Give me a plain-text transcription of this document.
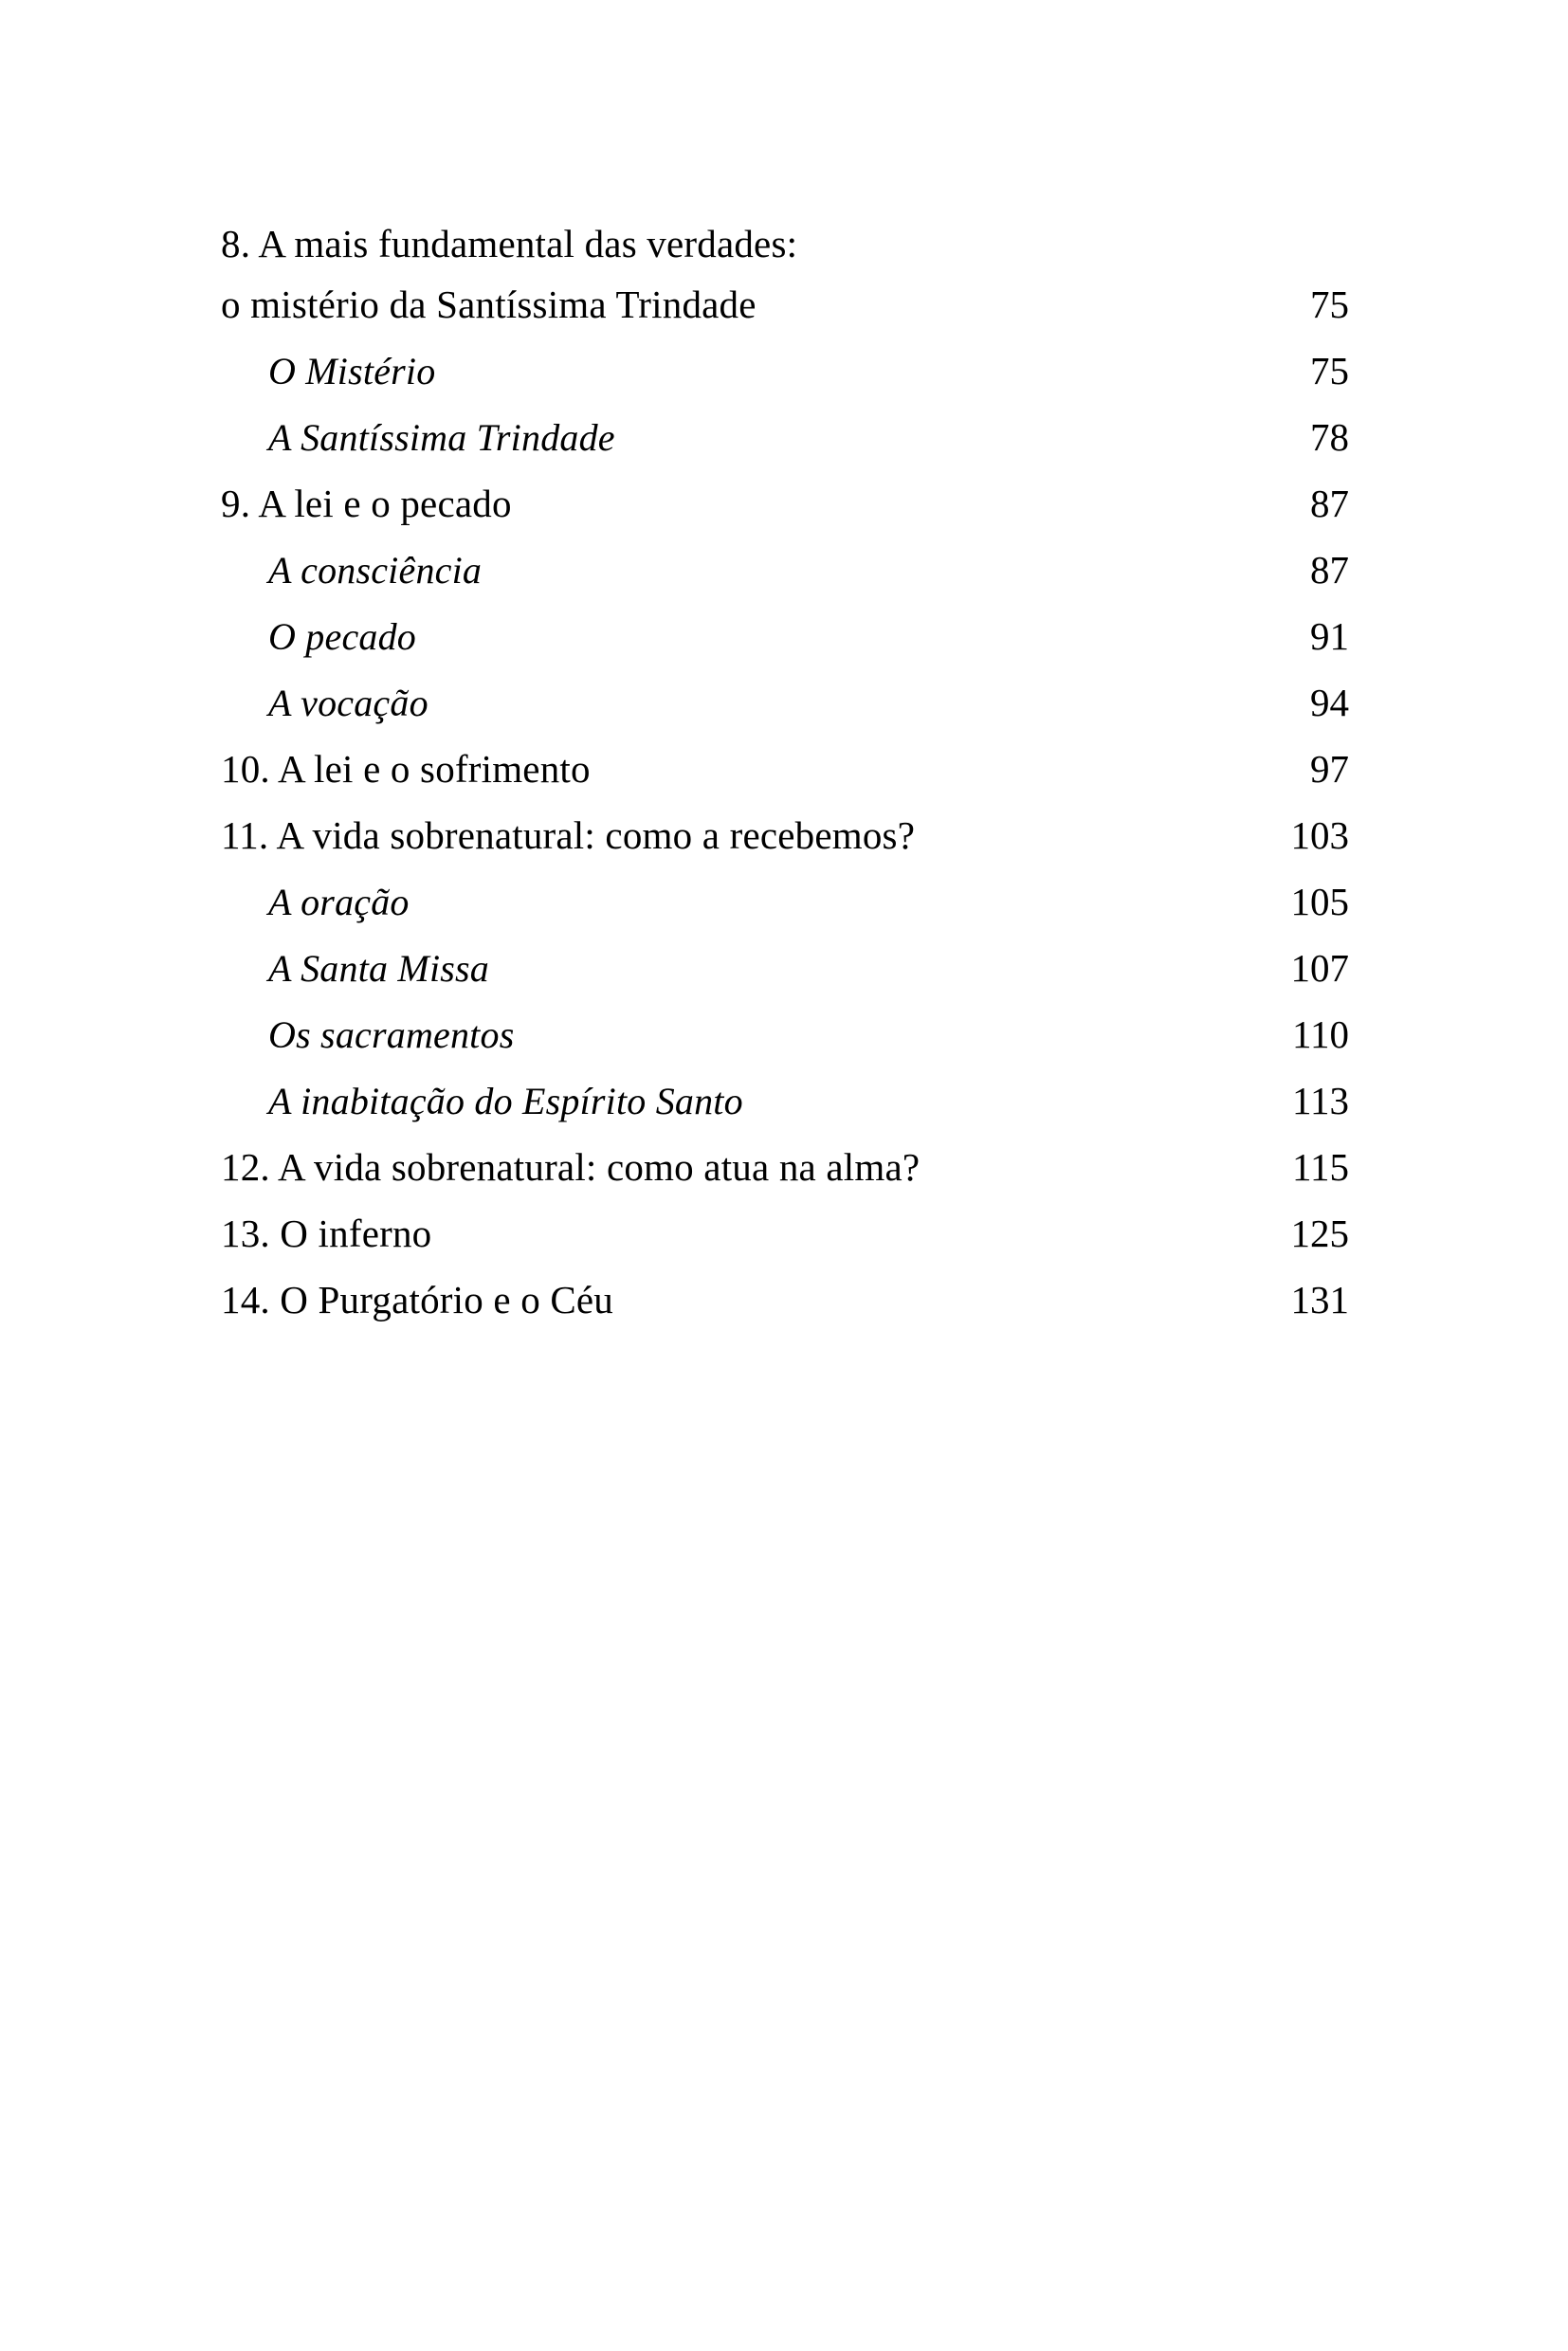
8. A mais fundamental das verdades:
o mistério da Santíssima Trindade	75
O Mistério	75
A Santíssima Trindade	78
9. A lei e o pecado	87
A consciência	87
O pecado	91
A vocação	94
10. A lei e o sofrimento	97
11. A vida sobrenatural: como a recebemos?	103
A oração	105
A Santa Missa	107
Os sacramentos	110
A inabitação do Espírito Santo	113
12. A vida sobrenatural: como atua na alma?	115
13. O inferno	125
14. O Purgatório e o Céu	131
